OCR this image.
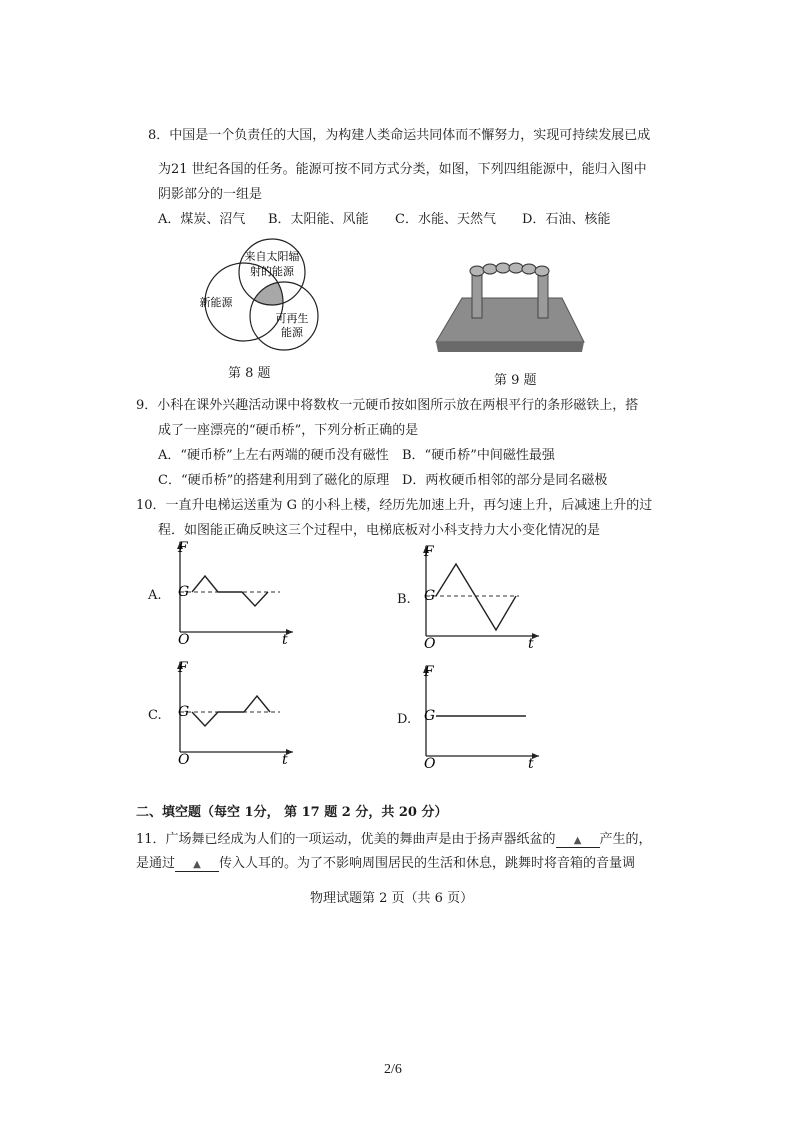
8．中国是一个负责任的大国，为构建人类命运共同体而不懈努力，实现可持续发展已成
为21 世纪各国的任务。能源可按不同方式分类，如图，下列四组能源中，能归入图中
阴影部分的一组是
A．煤炭、沼气 B．太阳能、风能 C．水能、天然气 D．石油、核能
来自太阳辐
射的能源
新能源
可再生
能源
第 8 题	第 9 题
9．小科在课外兴趣活动课中将数枚一元硬币按如图所示放在两根平行的条形磁铁上，搭
成了一座漂亮的“硬币桥”，下列分析正确的是
A．“硬币桥”上左右两端的硬币没有磁性 B．“硬币桥”中间磁性最强
C．“硬币桥”的搭建利用到了磁化的原理 D．两枚硬币相邻的部分是同名磁极
10．一直升电梯运送重为 G 的小科上楼，经历先加速上升，再匀速上升，后减速上升的过
程．如图能正确反映这三个过程中，电梯底板对小科支持力大小变化情况的是
A.
F
G
O	t
B.
F
G
O	t
C.
F
G
O	t
D.
F
G
O	t
二、填空题（每空 1分， 第 17 题 2 分，共 20 分）
11．广场舞已经成为人们的一项运动，优美的舞曲声是由于扬声器纸盆的 ▲ 产生的，
是通过 ▲ 传入人耳的。为了不影响周围居民的生活和休息，跳舞时将音箱的音量调
物理试题第 2 页（共 6 页）
2/6
